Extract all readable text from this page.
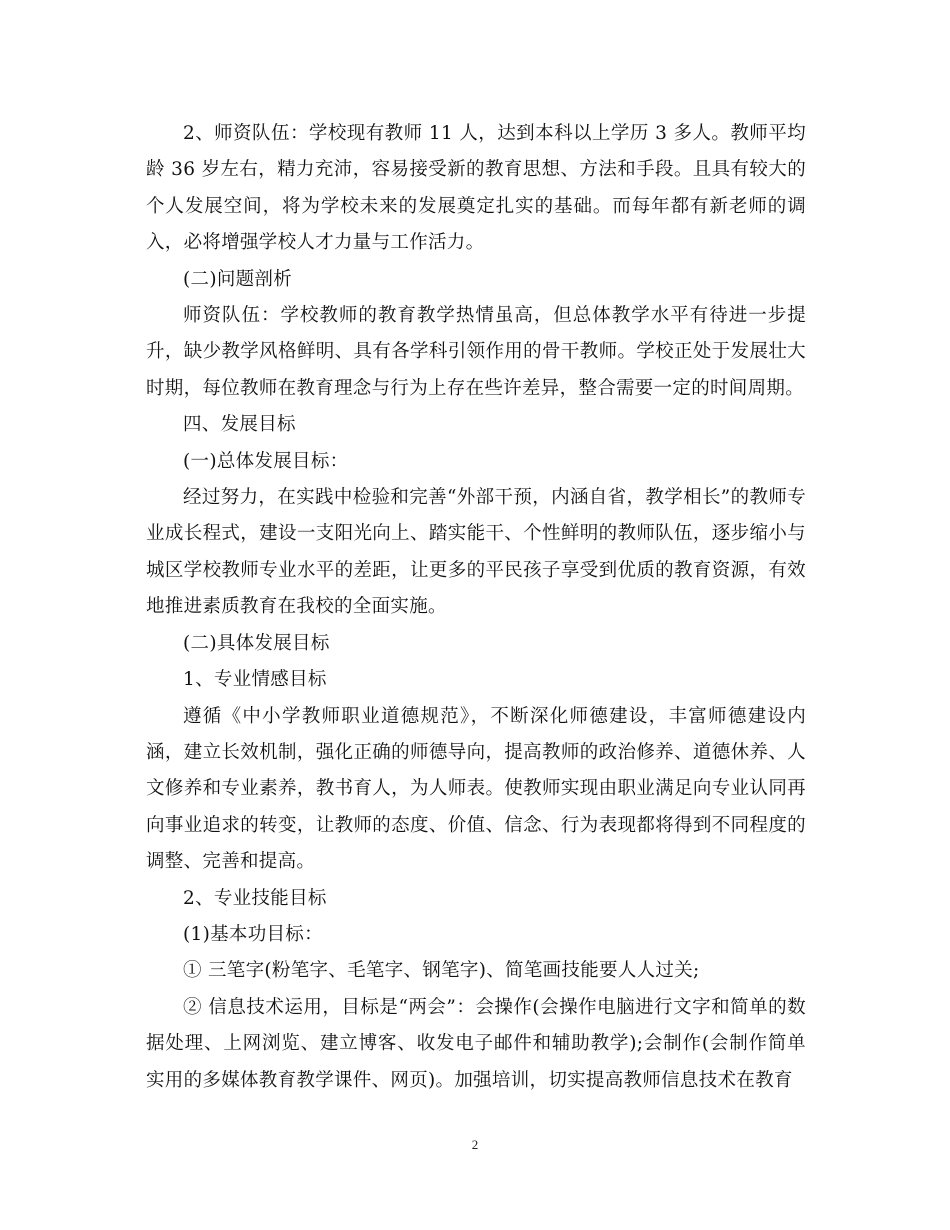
2、师资队伍：学校现有教师 11 人，达到本科以上学历 3 多人。教师平均龄 36 岁左右，精力充沛，容易接受新的教育思想、方法和手段。且具有较大的个人发展空间，将为学校未来的发展奠定扎实的基础。而每年都有新老师的调入，必将增强学校人才力量与工作活力。

(二)问题剖析

师资队伍：学校教师的教育教学热情虽高，但总体教学水平有待进一步提升，缺少教学风格鲜明、具有各学科引领作用的骨干教师。学校正处于发展壮大时期，每位教师在教育理念与行为上存在些许差异，整合需要一定的时间周期。

四、发展目标

(一)总体发展目标：

经过努力，在实践中检验和完善“外部干预，内涵自省，教学相长”的教师专业成长程式，建设一支阳光向上、踏实能干、个性鲜明的教师队伍，逐步缩小与城区学校教师专业水平的差距，让更多的平民孩子享受到优质的教育资源，有效地推进素质教育在我校的全面实施。

(二)具体发展目标

1、专业情感目标

遵循《中小学教师职业道德规范》，不断深化师德建设，丰富师德建设内涵，建立长效机制，强化正确的师德导向，提高教师的政治修养、道德休养、人文修养和专业素养，教书育人，为人师表。使教师实现由职业满足向专业认同再向事业追求的转变，让教师的态度、价值、信念、行为表现都将得到不同程度的调整、完善和提高。

2、专业技能目标

(1)基本功目标：

① 三笔字(粉笔字、毛笔字、钢笔字)、简笔画技能要人人过关;

② 信息技术运用，目标是“两会”：会操作(会操作电脑进行文字和简单的数据处理、上网浏览、建立博客、收发电子邮件和辅助教学);会制作(会制作简单实用的多媒体教育教学课件、网页)。加强培训，切实提高教师信息技术在教育

2
